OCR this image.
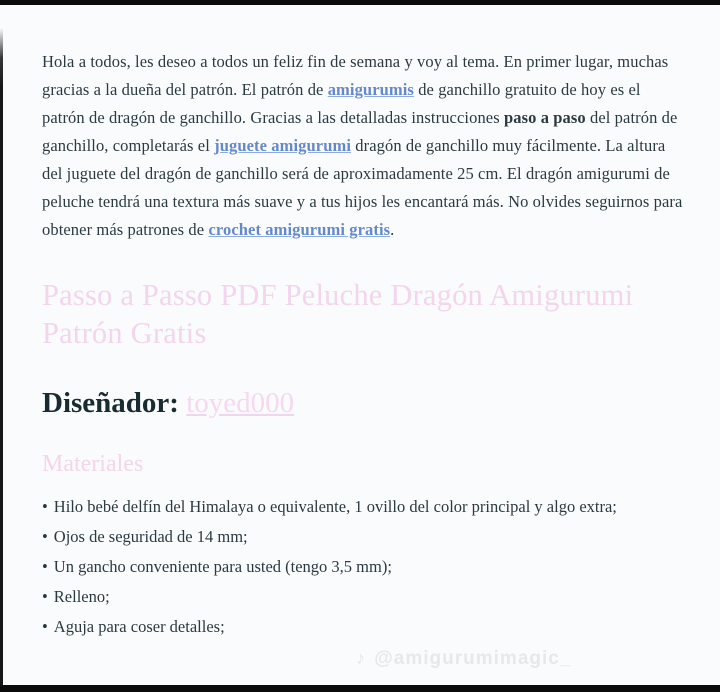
Hola a todos, les deseo a todos un feliz fin de semana y voy al tema. En primer lugar, muchas gracias a la dueña del patrón. El patrón de amigurumis de ganchillo gratuito de hoy es el patrón de dragón de ganchillo. Gracias a las detalladas instrucciones paso a paso del patrón de ganchillo, completarás el juguete amigurumi dragón de ganchillo muy fácilmente. La altura del juguete del dragón de ganchillo será de aproximadamente 25 cm. El dragón amigurumi de peluche tendrá una textura más suave y a tus hijos les encantará más. No olvides seguirnos para obtener más patrones de crochet amigurumi gratis.

Passo a Passo PDF Peluche Dragón Amigurumi Patrón Gratis
Diseñador: toyed000
Materiales
• Hilo bebé delfín del Himalaya o equivalente, 1 ovillo del color principal y algo extra;
• Ojos de seguridad de 14 mm;
• Un gancho conveniente para usted (tengo 3,5 mm);
• Relleno;
• Aguja para coser detalles;
♪ @amigurumimagic_
